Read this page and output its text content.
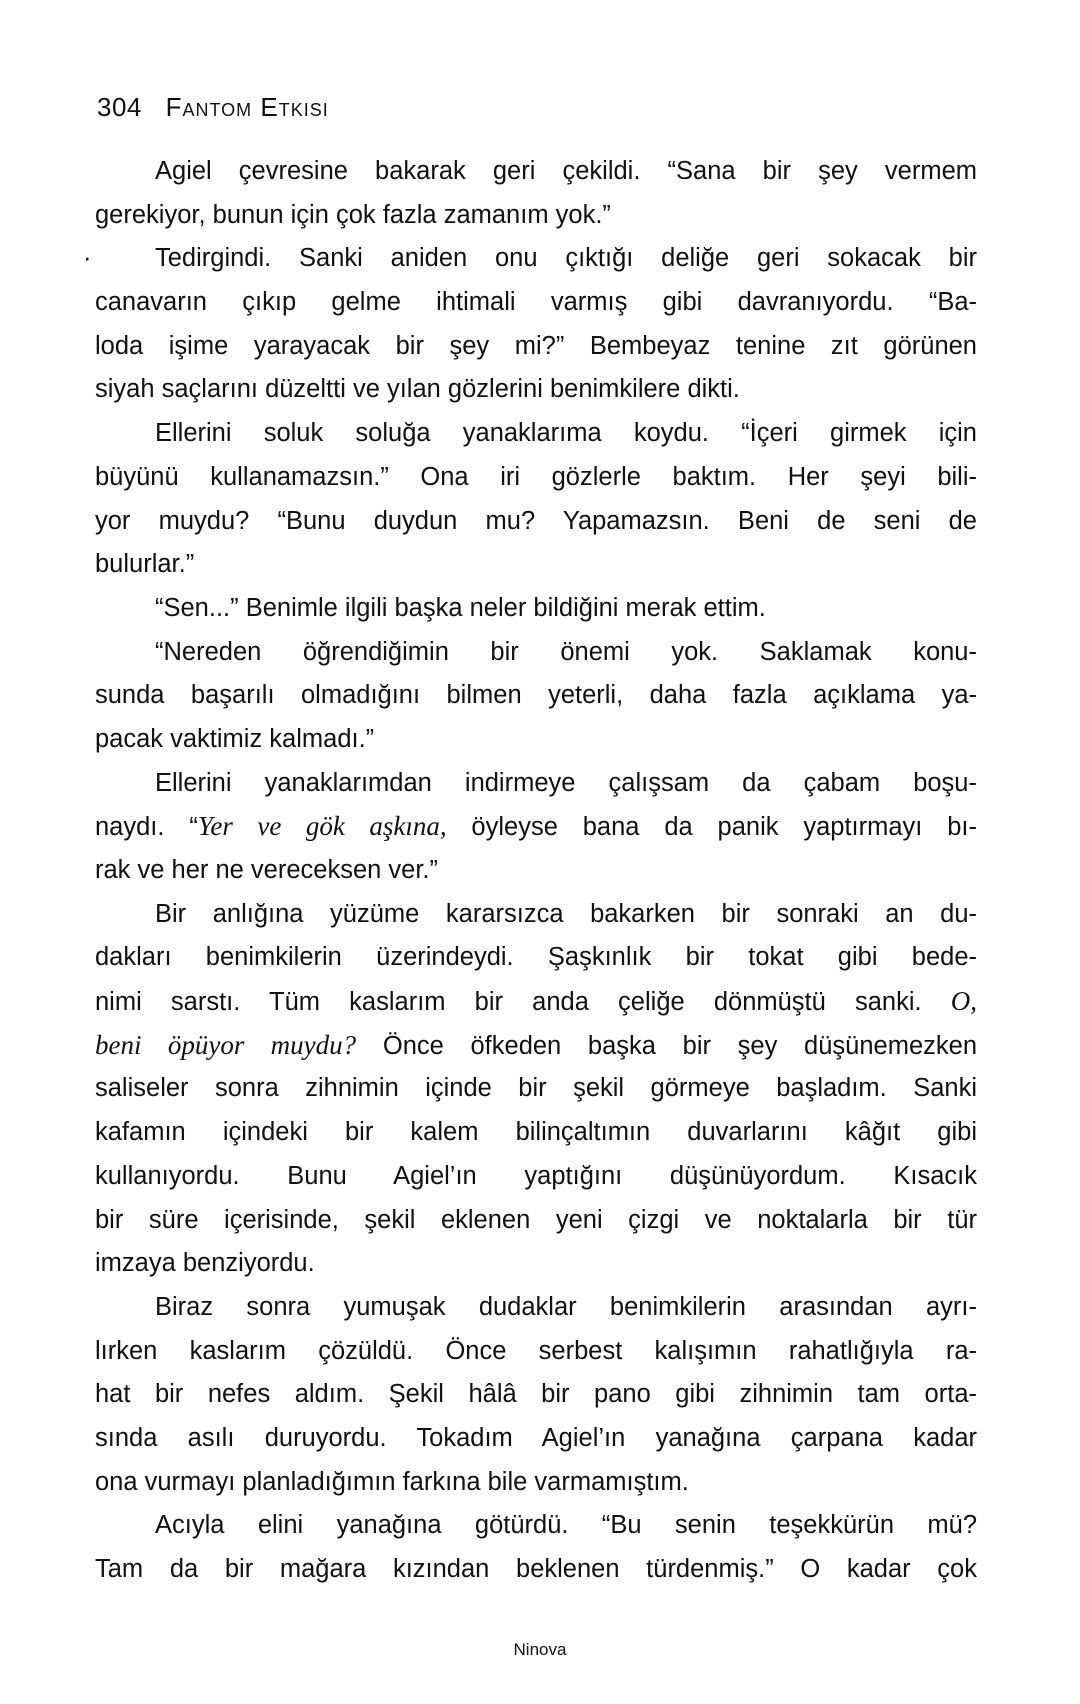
304 Fantom Etkisi
Agiel çevresine bakarak geri çekildi. “Sana bir şey vermem
gerekiyor, bunun için çok fazla zamanım yok.”
· Tedirgindi. Sanki aniden onu çıktığı deliğe geri sokacak bir
canavarın çıkıp gelme ihtimali varmış gibi davranıyordu. “Ba-
loda işime yarayacak bir şey mi?” Bembeyaz tenine zıt görünen
siyah saçlarını düzeltti ve yılan gözlerini benimkilere dikti.
Ellerini soluk soluğa yanaklarıma koydu. “İçeri girmek için
büyünü kullanamazsın.” Ona iri gözlerle baktım. Her şeyi bili-
yor muydu? “Bunu duydun mu? Yapamazsın. Beni de seni de
bulurlar.”
“Sen...” Benimle ilgili başka neler bildiğini merak ettim.
“Nereden öğrendiğimin bir önemi yok. Saklamak konu-
sunda başarılı olmadığını bilmen yeterli, daha fazla açıklama ya-
pacak vaktimiz kalmadı.”
Ellerini yanaklarımdan indirmeye çalışsam da çabam boşu-
naydı. “Yer ve gök aşkına, öyleyse bana da panik yaptırmayı bı-
rak ve her ne vereceksen ver.”
Bir anlığına yüzüme kararsızca bakarken bir sonraki an du-
dakları benimkilerin üzerindeydi. Şaşkınlık bir tokat gibi bede-
nimi sarstı. Tüm kaslarım bir anda çeliğe dönmüştü sanki. O,
beni öpüyor muydu? Önce öfkeden başka bir şey düşünemezken
saliseler sonra zihnimin içinde bir şekil görmeye başladım. Sanki
kafamın içindeki bir kalem bilinçaltımın duvarlarını kâğıt gibi
kullanıyordu. Bunu Agiel’ın yaptığını düşünüyordum. Kısacık
bir süre içerisinde, şekil eklenen yeni çizgi ve noktalarla bir tür
imzaya benziyordu.
Biraz sonra yumuşak dudaklar benimkilerin arasından ayrı-
lırken kaslarım çözüldü. Önce serbest kalışımın rahatlığıyla ra-
hat bir nefes aldım. Şekil hâlâ bir pano gibi zihnimin tam orta-
sında asılı duruyordu. Tokadım Agiel’ın yanağına çarpana kadar
ona vurmayı planladığımın farkına bile varmamıştım.
Acıyla elini yanağına götürdü. “Bu senin teşekkürün mü?
Tam da bir mağara kızından beklenen türdenmiş.” O kadar çok
Ninova
